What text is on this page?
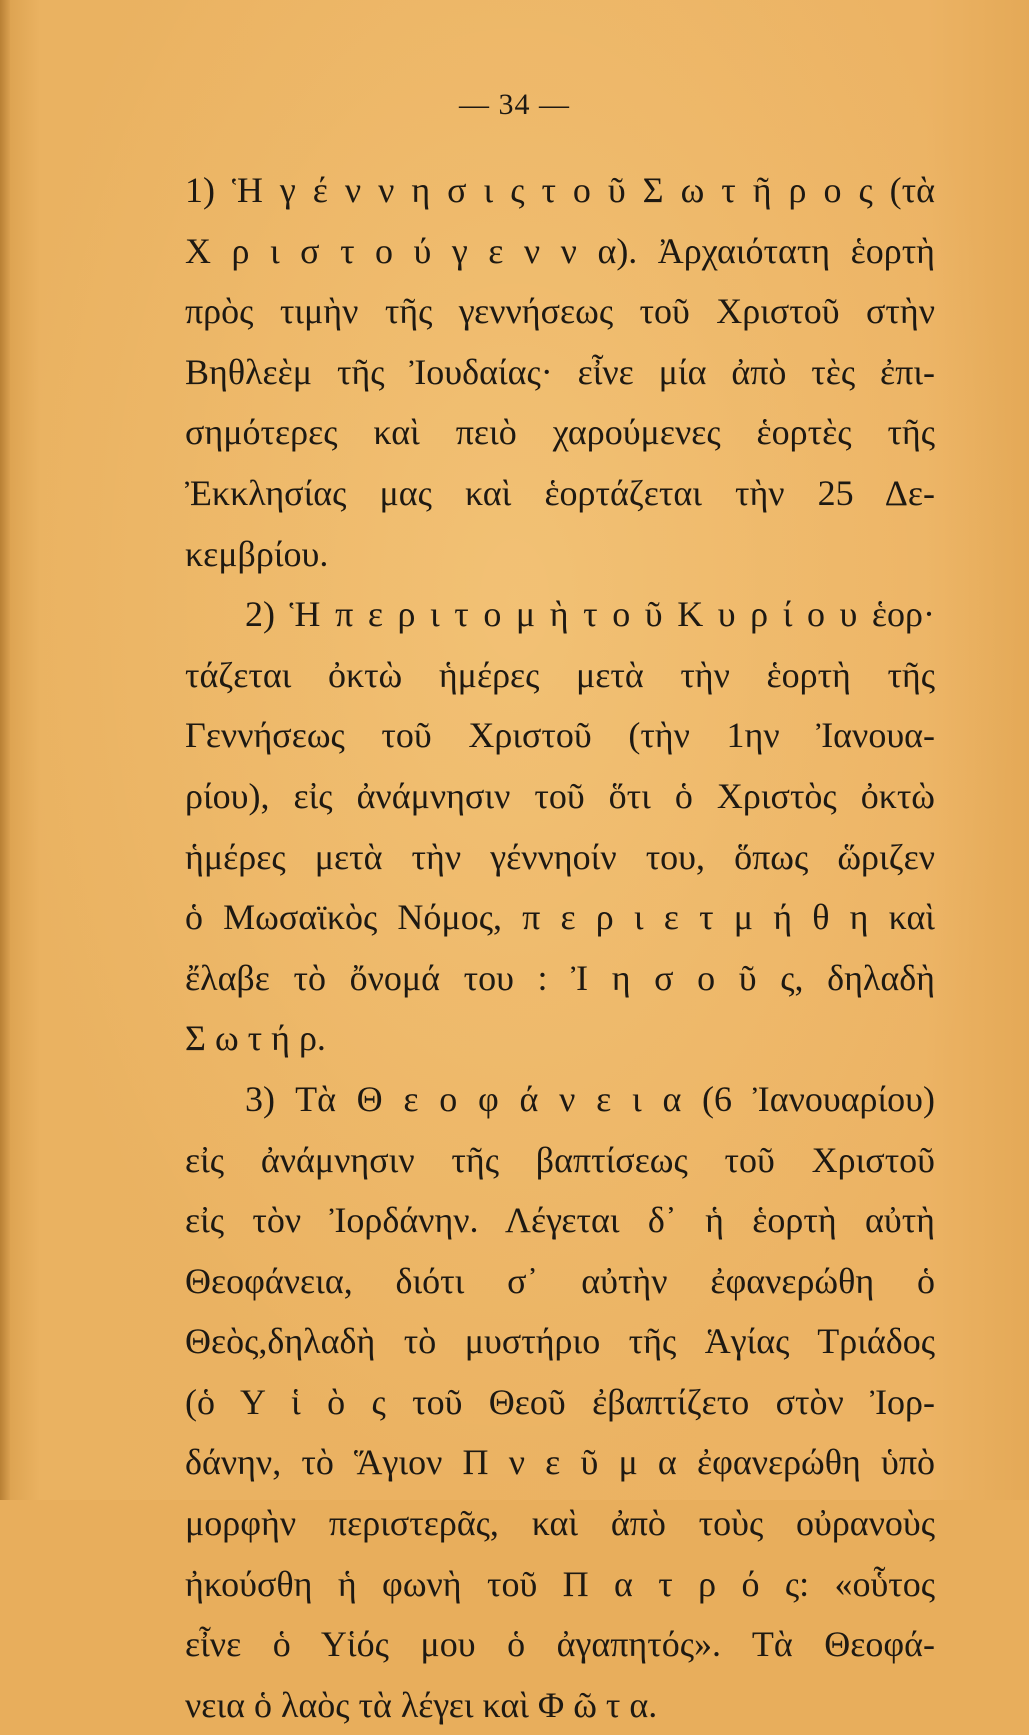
— 34 —
1) Ἡ γ έ ν ν η σ ι ς τ ο ῦ Σ ω τ ῆ ρ ο ς (τὰ
Χ ρ ι σ τ ο ύ γ ε ν ν α). Ἀρχαιότατη ἑορτὴ
πρὸς τιμὴν τῆς γεννήσεως τοῦ Χριστοῦ στὴν
Βηθλεὲμ τῆς Ἰουδαίας· εἶνε μία ἀπὸ τὲς ἐπι-
σημότερες καὶ πειὸ χαρούμενες ἑορτὲς τῆς
Ἐκκλησίας μας καὶ ἑορτάζεται τὴν 25 Δε-
κεμβρίου.
2) Ἡ π ε ρ ι τ ο μ ὴ τ ο ῦ Κ υ ρ ί ο υ ἑορ·
τάζεται ὀκτὼ ἡμέρες μετὰ τὴν ἑορτὴ τῆς
Γεννήσεως τοῦ Χριστοῦ (τὴν 1ην Ἰανουα-
ρίου), εἰς ἀνάμνησιν τοῦ ὅτι ὁ Χριστὸς ὀκτὼ
ἡμέρες μετὰ τὴν γέννηοίν του, ὅπως ὥριζεν
ὁ Μωσαϊκὸς Νόμος, π ε ρ ι ε τ μ ή θ η καὶ
ἔλαβε τὸ ὄνομά του : Ἰ η σ ο ῦ ς, δηλαδὴ
Σ ω τ ή ρ.
3) Τὰ Θ ε ο φ ά ν ε ι α (6 Ἰανουαρίου)
εἰς ἀνάμνησιν τῆς βαπτίσεως τοῦ Χριστοῦ
εἰς τὸν Ἰορδάνην. Λέγεται δ᾽ ἡ ἑορτὴ αὐτὴ
Θεοφάνεια, διότι σ᾽ αὐτὴν ἐφανερώθη ὁ
Θεὸς,δηλαδὴ τὸ μυστήριο τῆς Ἁγίας Τριάδος
(ὁ Υ ἱ ὸ ς τοῦ Θεοῦ ἐβαπτίζετο στὸν Ἰορ-
δάνην, τὸ Ἅγιον Π ν ε ῦ μ α ἐφανερώθη ὑπὸ
μορφὴν περιστερᾶς, καὶ ἀπὸ τοὺς οὐρανοὺς
ἠκούσθη ἡ φωνὴ τοῦ Π α τ ρ ό ς: «οὗτος
εἶνε ὁ Υἱός μου ὁ ἀγαπητός». Τὰ Θεοφά-
νεια ὁ λαὸς τὰ λέγει καὶ Φ ῶ τ α.
